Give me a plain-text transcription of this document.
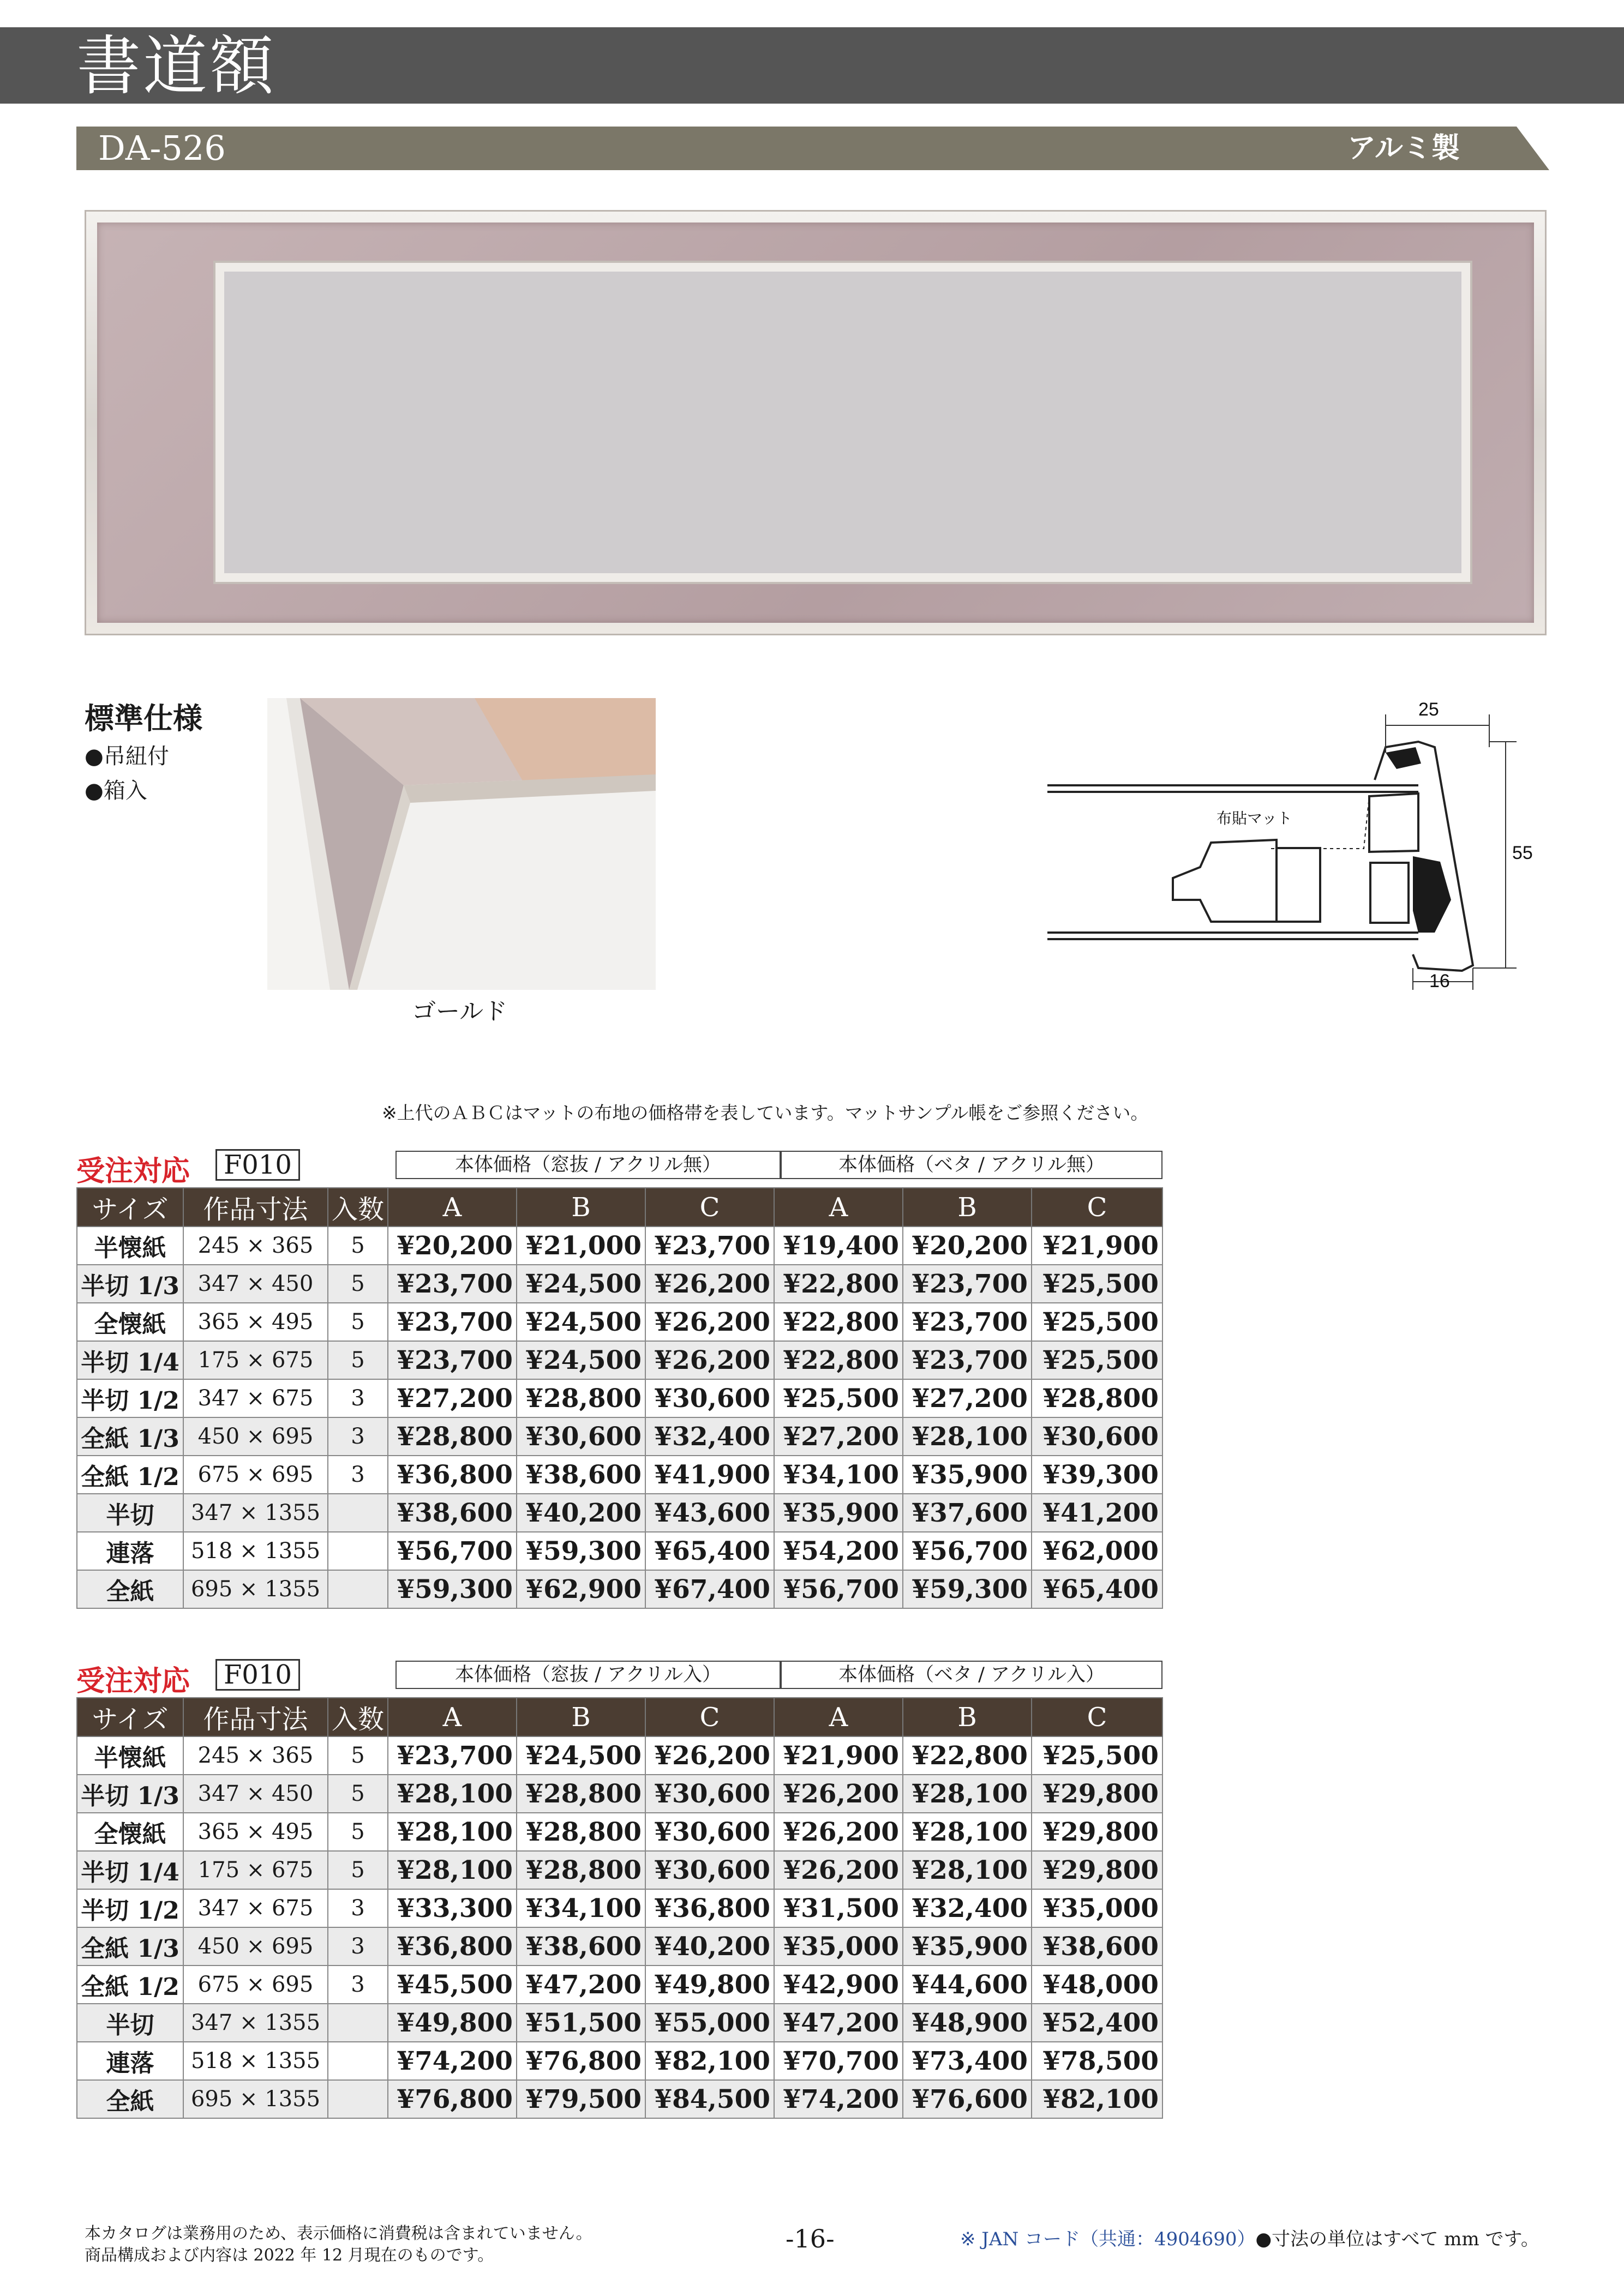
書道額
DA-526	アルミ製
標準仕様
●吊紐付
●箱入
ゴールド
25
55
16
布貼マット
※上代のＡＢＣはマットの布地の価格帯を表しています。マットサンプル帳をご参照ください。
受注対応	F010	本体価格（窓抜 / アクリル無）	本体価格（ベタ / アクリル無）
サイズ	作品寸法	入数	A	B	C	A	B	C
半懐紙	245 × 365	5	¥20,200	¥21,000	¥23,700	¥19,400	¥20,200	¥21,900
半切 1/3	347 × 450	5	¥23,700	¥24,500	¥26,200	¥22,800	¥23,700	¥25,500
全懐紙	365 × 495	5	¥23,700	¥24,500	¥26,200	¥22,800	¥23,700	¥25,500
半切 1/4	175 × 675	5	¥23,700	¥24,500	¥26,200	¥22,800	¥23,700	¥25,500
半切 1/2	347 × 675	3	¥27,200	¥28,800	¥30,600	¥25,500	¥27,200	¥28,800
全紙 1/3	450 × 695	3	¥28,800	¥30,600	¥32,400	¥27,200	¥28,100	¥30,600
全紙 1/2	675 × 695	3	¥36,800	¥38,600	¥41,900	¥34,100	¥35,900	¥39,300
半切	347 × 1355		¥38,600	¥40,200	¥43,600	¥35,900	¥37,600	¥41,200
連落	518 × 1355		¥56,700	¥59,300	¥65,400	¥54,200	¥56,700	¥62,000
全紙	695 × 1355		¥59,300	¥62,900	¥67,400	¥56,700	¥59,300	¥65,400
受注対応	F010	本体価格（窓抜 / アクリル入）	本体価格（ベタ / アクリル入）
サイズ	作品寸法	入数	A	B	C	A	B	C
半懐紙	245 × 365	5	¥23,700	¥24,500	¥26,200	¥21,900	¥22,800	¥25,500
半切 1/3	347 × 450	5	¥28,100	¥28,800	¥30,600	¥26,200	¥28,100	¥29,800
全懐紙	365 × 495	5	¥28,100	¥28,800	¥30,600	¥26,200	¥28,100	¥29,800
半切 1/4	175 × 675	5	¥28,100	¥28,800	¥30,600	¥26,200	¥28,100	¥29,800
半切 1/2	347 × 675	3	¥33,300	¥34,100	¥36,800	¥31,500	¥32,400	¥35,000
全紙 1/3	450 × 695	3	¥36,800	¥38,600	¥40,200	¥35,000	¥35,900	¥38,600
全紙 1/2	675 × 695	3	¥45,500	¥47,200	¥49,800	¥42,900	¥44,600	¥48,000
半切	347 × 1355		¥49,800	¥51,500	¥55,000	¥47,200	¥48,900	¥52,400
連落	518 × 1355		¥74,200	¥76,800	¥82,100	¥70,700	¥73,400	¥78,500
全紙	695 × 1355		¥76,800	¥79,500	¥84,500	¥74,200	¥76,600	¥82,100
本カタログは業務用のため、表示価格に消費税は含まれていません。
商品構成および内容は 2022 年 12 月現在のものです。
-16-	※ JAN コード（共通：4904690）●寸法の単位はすべて mm です。
